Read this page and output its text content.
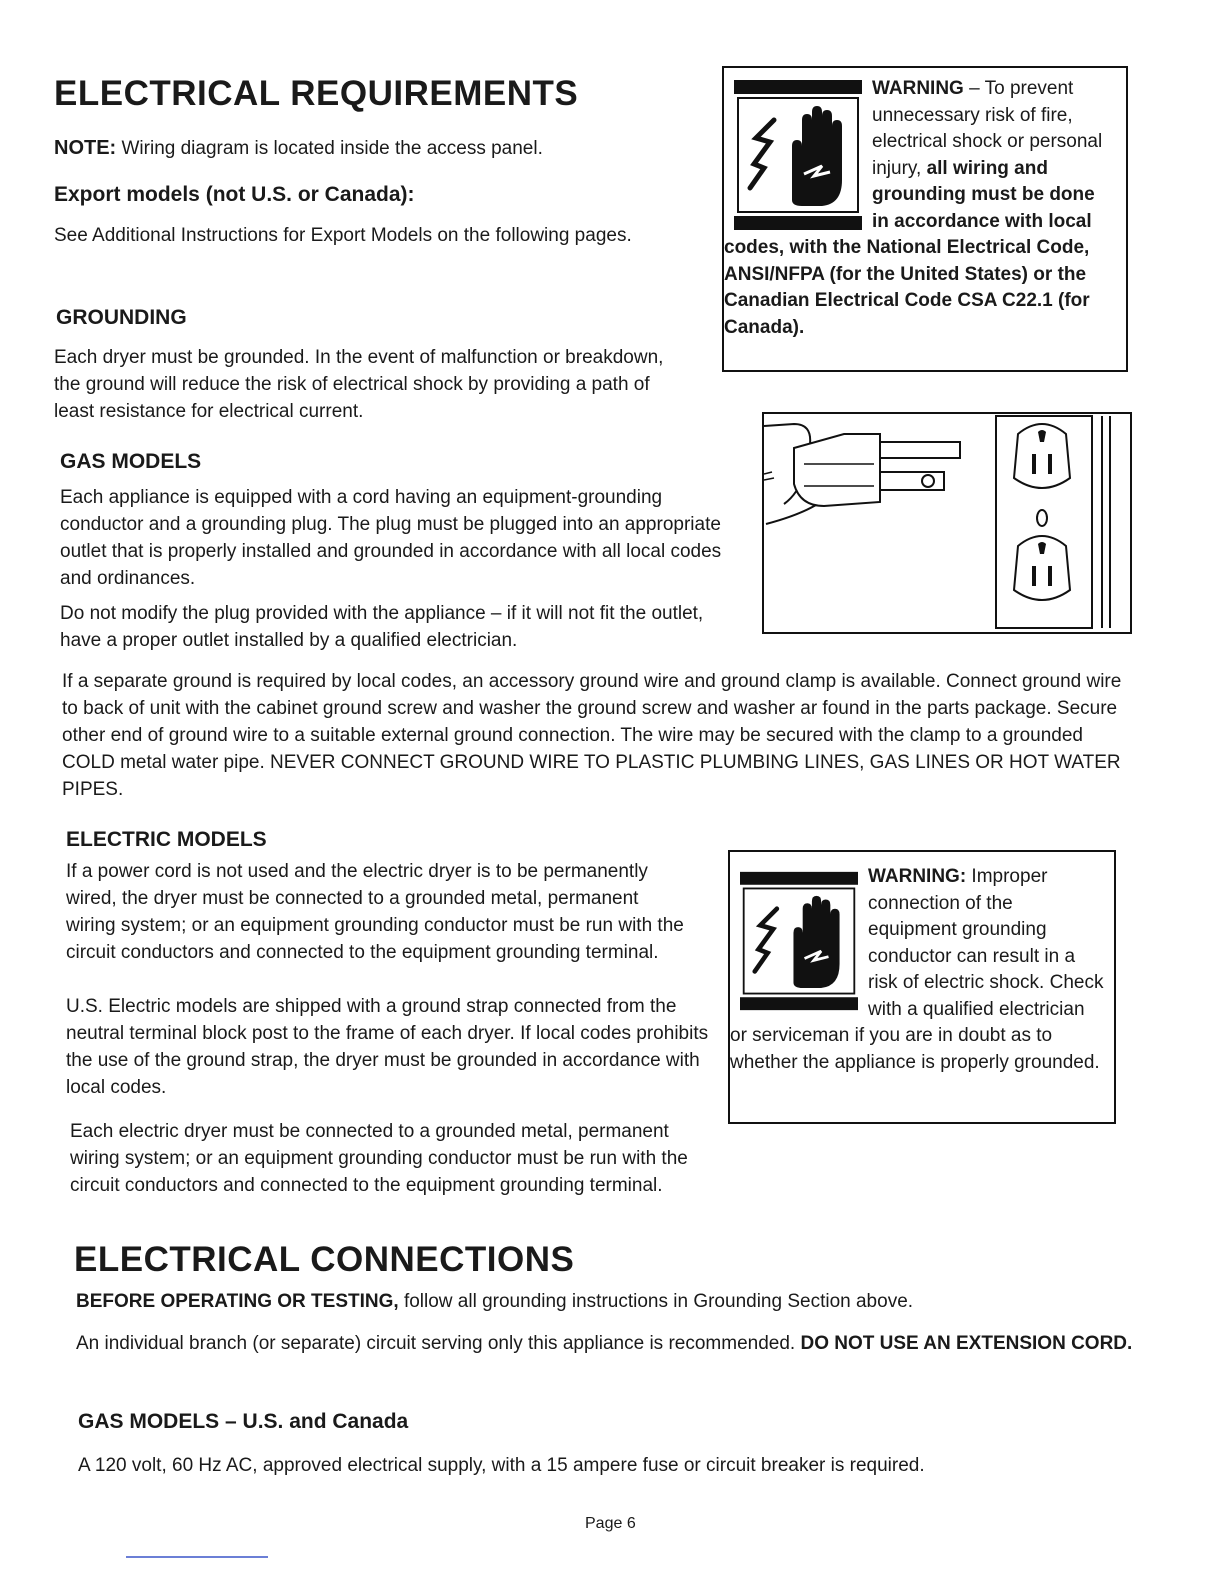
ELECTRICAL REQUIREMENTS

NOTE: Wiring diagram is located inside the access panel.

Export models (not U.S. or Canada):

See Additional Instructions for Export Models on the following pages.

GROUNDING

Each dryer must be grounded. In the event of malfunction or breakdown, the ground will reduce the risk of electrical shock by providing a path of least resistance for electrical current.

GAS MODELS

Each appliance is equipped with a cord having an equipment-grounding conductor and a grounding plug. The plug must be plugged into an appropriate outlet that is properly installed and grounded in accordance with all local codes and ordinances.

Do not modify the plug provided with the appliance – if it will not fit the outlet, have a proper outlet installed by a qualified electrician.

WARNING – To prevent unnecessary risk of fire, electrical shock or personal injury, all wiring and grounding must be done in accordance with local codes, with the National Electrical Code, ANSI/NFPA (for the United States) or the Canadian Electrical Code CSA C22.1 (for Canada).

If a separate ground is required by local codes, an accessory ground wire and ground clamp is available. Connect ground wire to back of unit with the cabinet ground screw and washer the ground screw and washer ar found in the parts package. Secure other end of ground wire to a suitable external ground connection. The wire may be secured with the clamp to a grounded COLD metal water pipe. NEVER CONNECT GROUND WIRE TO PLASTIC PLUMBING LINES, GAS LINES OR HOT WATER PIPES.

ELECTRIC MODELS

If a power cord is not used and the electric dryer is to be permanently wired, the dryer must be connected to a grounded metal, permanent wiring system; or an equipment grounding conductor must be run with the circuit conductors and connected to the equipment grounding terminal.

U.S. Electric models are shipped with a ground strap connected from the neutral terminal block post to the frame of each dryer. If local codes prohibits the use of the ground strap, the dryer must be grounded in accordance with local codes.

Each electric dryer must be connected to a grounded metal, permanent wiring system; or an equipment grounding conductor must be run with the circuit conductors and connected to the equipment grounding terminal.

WARNING: Improper connection of the equipment grounding conductor can result in a risk of electric shock. Check with a qualified electrician or serviceman if you are in doubt as to whether the appliance is properly grounded.
ELECTRICAL CONNECTIONS

BEFORE OPERATING OR TESTING, follow all grounding instructions in Grounding Section above.

An individual branch (or separate) circuit serving only this appliance is recommended. DO NOT USE AN EXTENSION CORD.

GAS MODELS – U.S. and Canada

A 120 volt, 60 Hz AC, approved electrical supply, with a 15 ampere fuse or circuit breaker is required.

Page 6
